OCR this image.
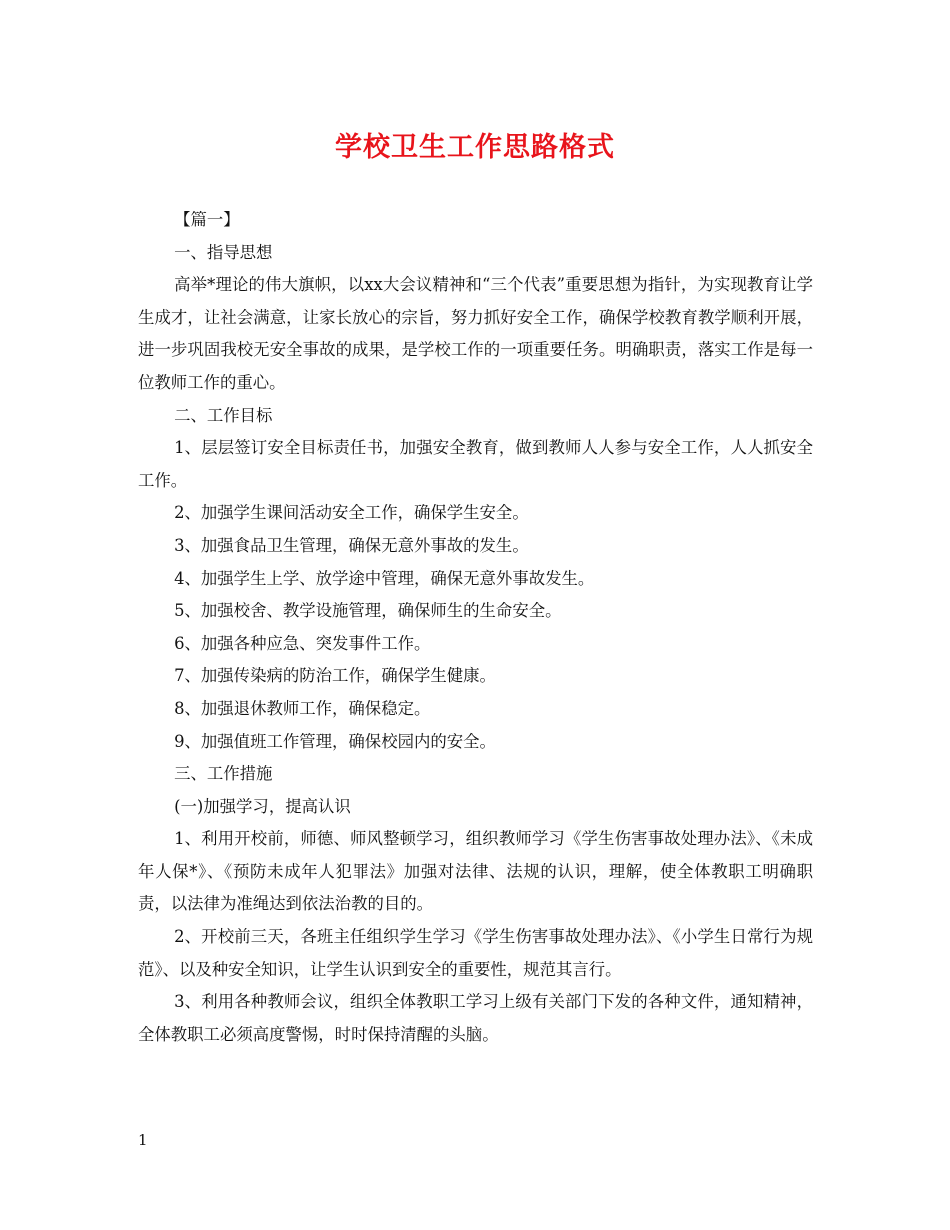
学校卫生工作思路格式

【篇一】

一、指导思想

高举*理论的伟大旗帜，以xx大会议精神和“三个代表”重要思想为指针，为实现教育让学生成才，让社会满意，让家长放心的宗旨，努力抓好安全工作，确保学校教育教学顺利开展，进一步巩固我校无安全事故的成果，是学校工作的一项重要任务。明确职责，落实工作是每一位教师工作的重心。

二、工作目标

1、层层签订安全目标责任书，加强安全教育，做到教师人人参与安全工作，人人抓安全工作。

2、加强学生课间活动安全工作，确保学生安全。

3、加强食品卫生管理，确保无意外事故的发生。

4、加强学生上学、放学途中管理，确保无意外事故发生。

5、加强校舍、教学设施管理，确保师生的生命安全。

6、加强各种应急、突发事件工作。

7、加强传染病的防治工作，确保学生健康。

8、加强退休教师工作，确保稳定。

9、加强值班工作管理，确保校园内的安全。

三、工作措施

(一)加强学习，提高认识

1、利用开校前，师德、师风整顿学习，组织教师学习《学生伤害事故处理办法》、《未成年人保*》、《预防未成年人犯罪法》加强对法律、法规的认识，理解，使全体教职工明确职责，以法律为准绳达到依法治教的目的。

2、开校前三天，各班主任组织学生学习《学生伤害事故处理办法》、《小学生日常行为规范》、以及种安全知识，让学生认识到安全的重要性，规范其言行。

3、利用各种教师会议，组织全体教职工学习上级有关部门下发的各种文件，通知精神，全体教职工必须高度警惕，时时保持清醒的头脑。

1
